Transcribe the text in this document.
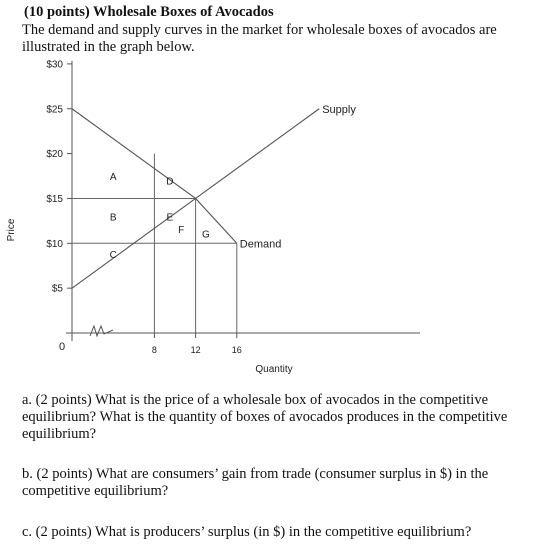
(10 points) Wholesale Boxes of Avocados
The demand and supply curves in the market for wholesale boxes of avocados are illustrated in the graph below.
$30
$25
$20
$15
$10
$5
8	12	16
0
Quantity
Price
Supply
Demand
A
B
C
D
E
F G
a. (2 points) What is the price of a wholesale box of avocados in the competitive equilibrium? What is the quantity of boxes of avocados produces in the competitive equilibrium?
b. (2 points) What are consumers’ gain from trade (consumer surplus in $) in the competitive equilibrium?
c. (2 points) What is producers’ surplus (in $) in the competitive equilibrium?
